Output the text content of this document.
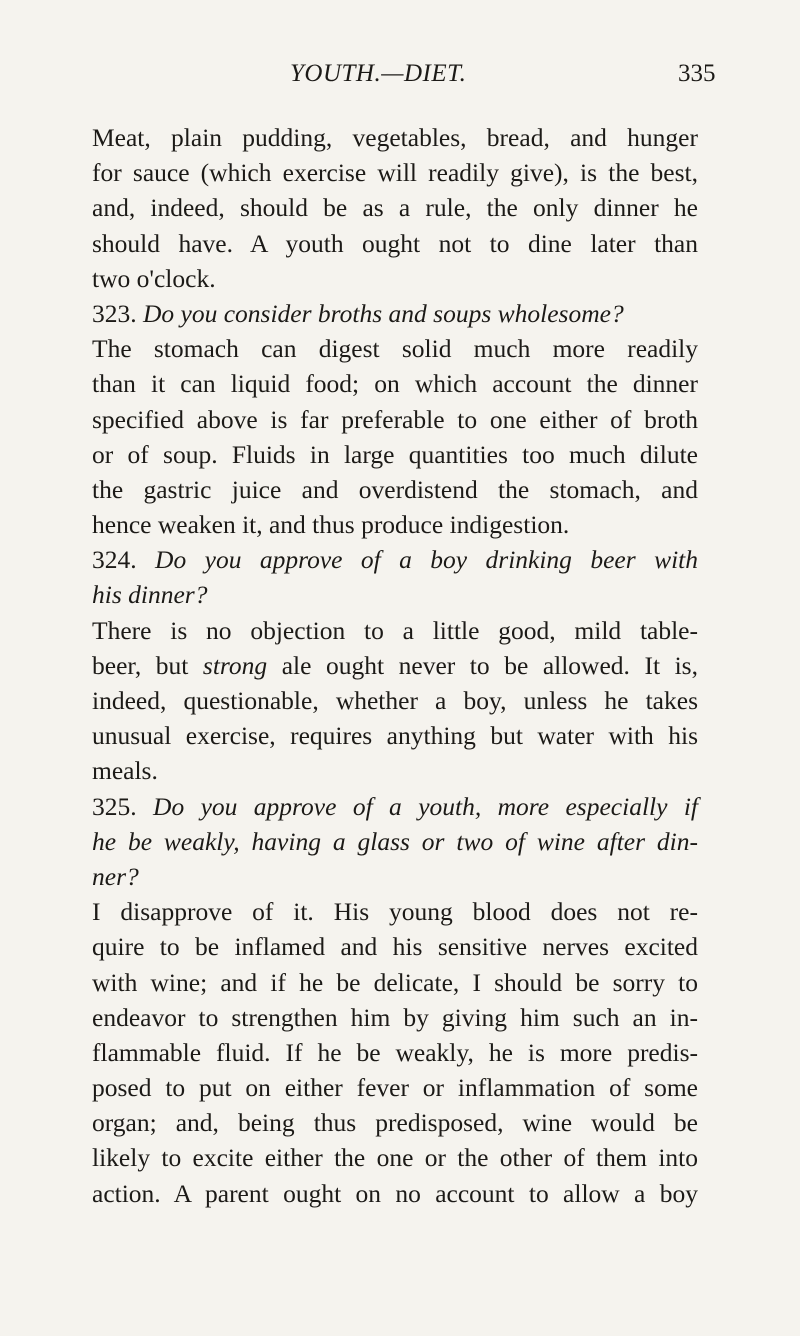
YOUTH.—DIET.	335
Meat, plain pudding, vegetables, bread, and hunger
for sauce (which exercise will readily give), is the best,
and, indeed, should be as a rule, the only dinner he
should have. A youth ought not to dine later than
two o'clock.
323. Do you consider broths and soups wholesome?
The stomach can digest solid much more readily
than it can liquid food; on which account the dinner
specified above is far preferable to one either of broth
or of soup. Fluids in large quantities too much dilute
the gastric juice and overdistend the stomach, and
hence weaken it, and thus produce indigestion.
324. Do you approve of a boy drinking beer with
his dinner?
There is no objection to a little good, mild table-
beer, but strong ale ought never to be allowed. It is,
indeed, questionable, whether a boy, unless he takes
unusual exercise, requires anything but water with his
meals.
325. Do you approve of a youth, more especially if
he be weakly, having a glass or two of wine after din-
ner?
I disapprove of it. His young blood does not re-
quire to be inflamed and his sensitive nerves excited
with wine; and if he be delicate, I should be sorry to
endeavor to strengthen him by giving him such an in-
flammable fluid. If he be weakly, he is more predis-
posed to put on either fever or inflammation of some
organ; and, being thus predisposed, wine would be
likely to excite either the one or the other of them into
action. A parent ought on no account to allow a boy
